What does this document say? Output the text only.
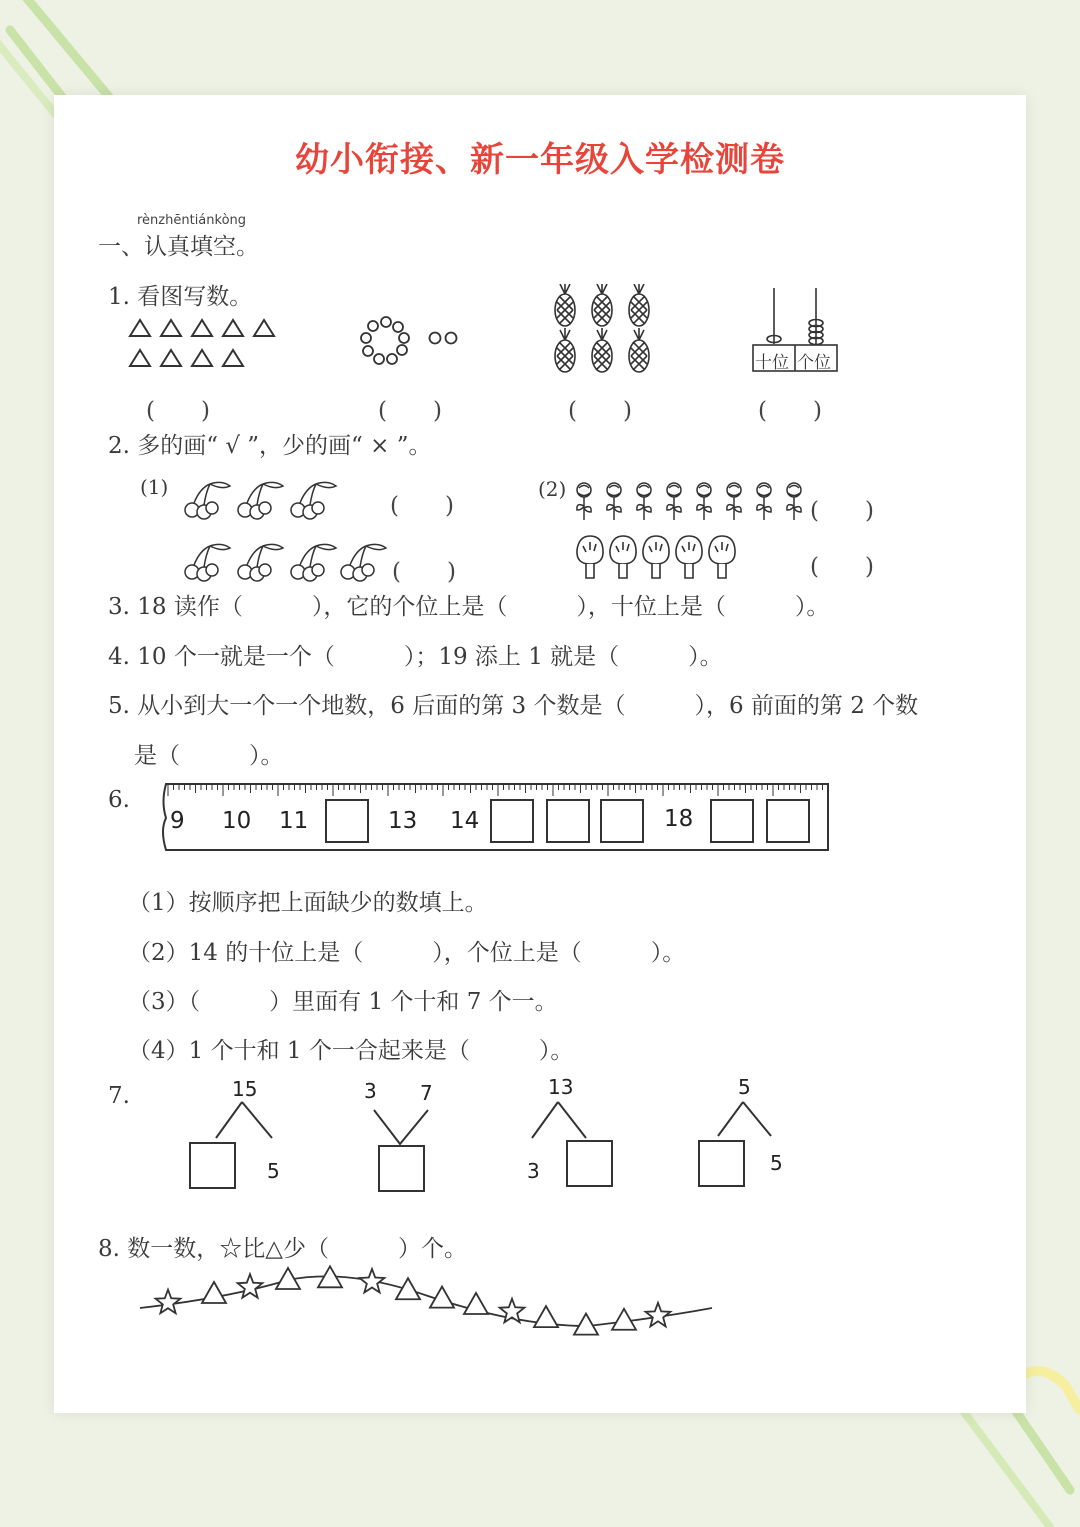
幼小衔接、新一年级入学检测卷
rènzhēntiánkòng
一、认真填空。
1. 看图写数。
十位 个位
(　　)	(　　)	(　　)	(　　)
2. 多的画“ √ ”，少的画“ × ”。
(1)	(2)
(　　)
(　　)
(　　)
(　　)
3. 18 读作（　　　），它的个位上是（　　　），十位上是（　　　）。
4. 10 个一就是一个（　　　）；19 添上 1 就是（　　　）。
5. 从小到大一个一个地数，6 后面的第 3 个数是（　　　），6 前面的第 2 个数
是（　　　）。
6.
9 10 11	13 14	18
（1）按顺序把上面缺少的数填上。
（2）14 的十位上是（　　　），个位上是（　　　）。
（3）（　　　）里面有 1 个十和 7 个一。
（4）1 个十和 1 个一合起来是（　　　）。
7.	15
5
3 7	13
3
5
5
8. 数一数，☆比△少（　　　）个。
